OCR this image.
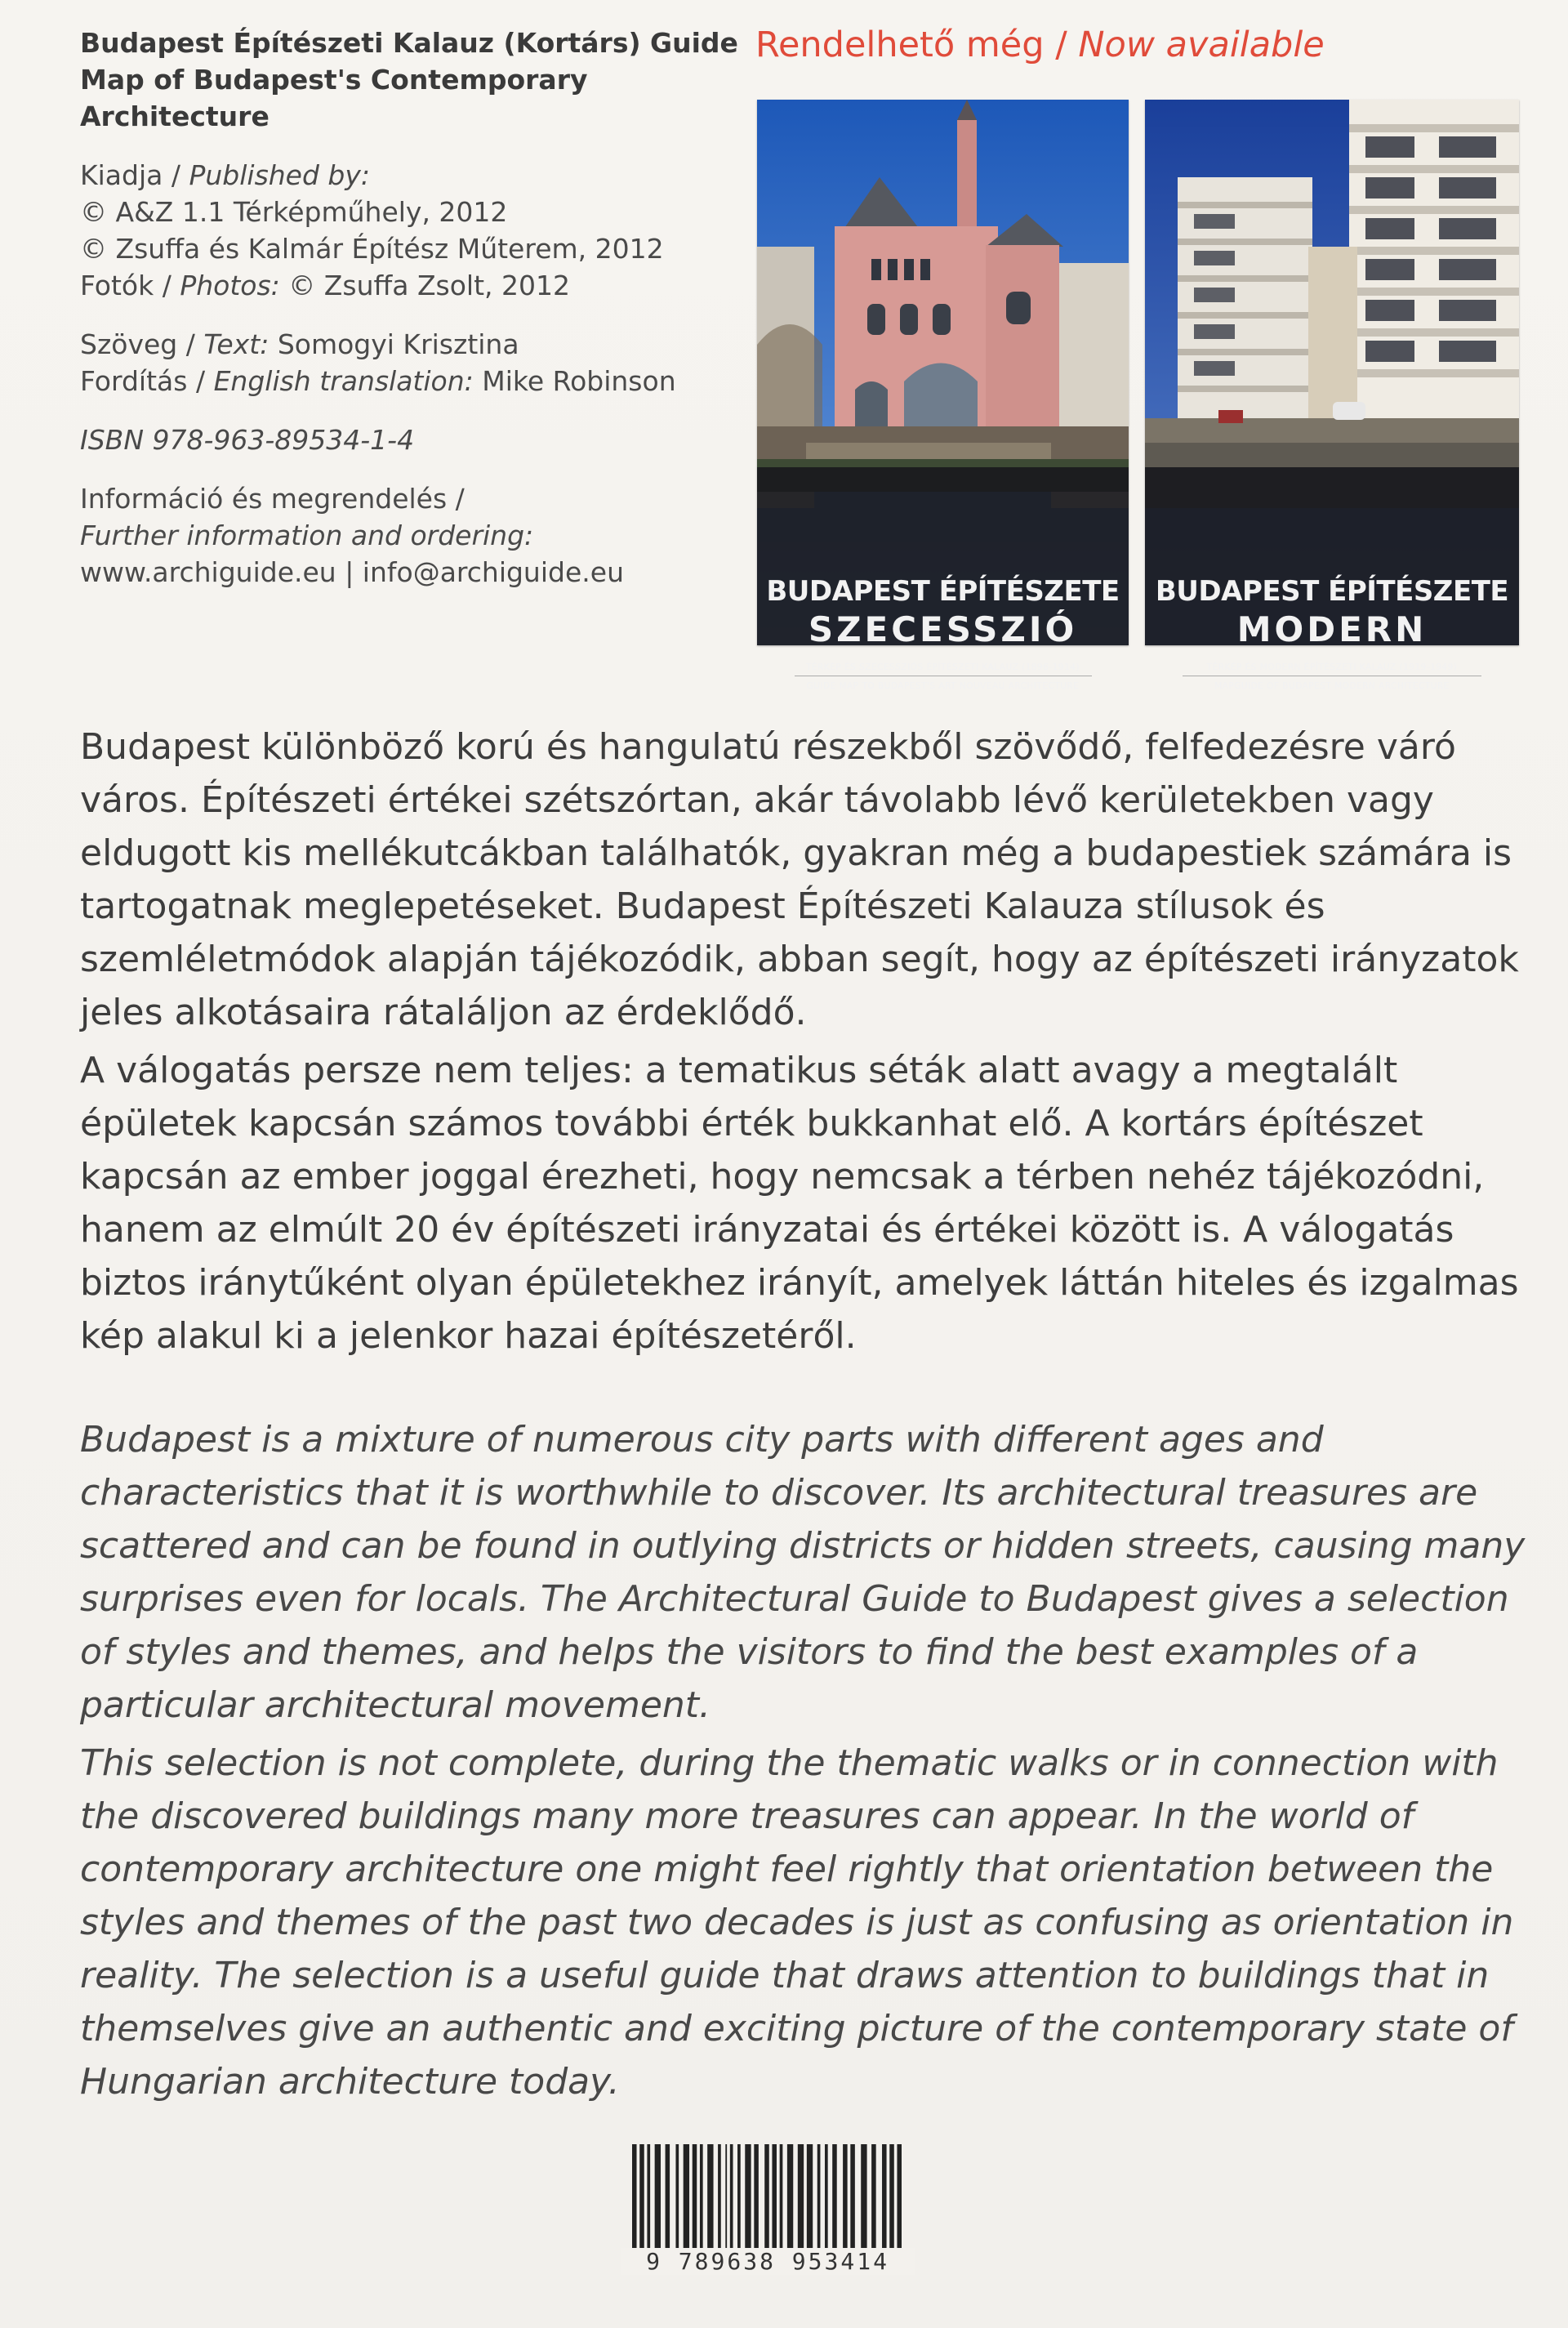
Budapest Építészeti Kalauz (Kortárs) Guide Map of Budapest's Contemporary Architecture
Kiadja / Published by:
© A&Z 1.1 Térképműhely, 2012
© Zsuffa és Kalmár Építész Műterem, 2012
Fotók / Photos: © Zsuffa Zsolt, 2012
Szöveg / Text: Somogyi Krisztina
Fordítás / English translation: Mike Robinson
ISBN 978-963-89534-1-4
Információ és megrendelés /
Further information and ordering:
www.archiguide.eu | info@archiguide.eu
Rendelhető még / Now available
BUDAPEST ÉPÍTÉSZETE
SZECESSZIÓ
TÉRKÉP ÉS SZECESSZIÓS ÉPÍTÉSZETI KALAUZ (1896-1914)
GUIDE MAP TO BUDAPEST'S ART NOUVEAU ARCHITECTURE
BUDAPEST ÉPÍTÉSZETE
MODERN
TÉRKÉP ÉS MODERN ÉPÍTÉSZETI KALAUZ (1919-1949)
MAPGUIDE OF BUDAPEST MODERN ARCHITECTURE

Budapest különböző korú és hangulatú részekből szövődő, felfedezésre váró város. Építészeti értékei szétszórtan, akár távolabb lévő kerületekben vagy eldugott kis mellékutcákban találhatók, gyakran még a budapestiek számára is tartogatnak meglepetéseket. Budapest Építészeti Kalauza stílusok és szemléletmódok alapján tájékozódik, abban segít, hogy az építészeti irányzatok jeles alkotásaira rátaláljon az érdeklődő.

A válogatás persze nem teljes: a tematikus séták alatt avagy a megtalált épületek kapcsán számos további érték bukkanhat elő. A kortárs építészet kapcsán az ember joggal érezheti, hogy nemcsak a térben nehéz tájékozódni, hanem az elmúlt 20 év építészeti irányzatai és értékei között is. A válogatás biztos iránytűként olyan épületekhez irányít, amelyek láttán hiteles és izgalmas kép alakul ki a jelenkor hazai építészetéről.

Budapest is a mixture of numerous city parts with different ages and characteristics that it is worthwhile to discover. Its architectural treasures are scattered and can be found in outlying districts or hidden streets, causing many surprises even for locals. The Architectural Guide to Budapest gives a selection of styles and themes, and helps the visitors to find the best examples of a particular architectural movement.

This selection is not complete, during the thematic walks or in connection with the discovered buildings many more treasures can appear. In the world of contemporary architecture one might feel rightly that orientation between the styles and themes of the past two decades is just as confusing as orientation in reality. The selection is a useful guide that draws attention to buildings that in themselves give an authentic and exciting picture of the contemporary state of Hungarian architecture today.

9 789638 953414
